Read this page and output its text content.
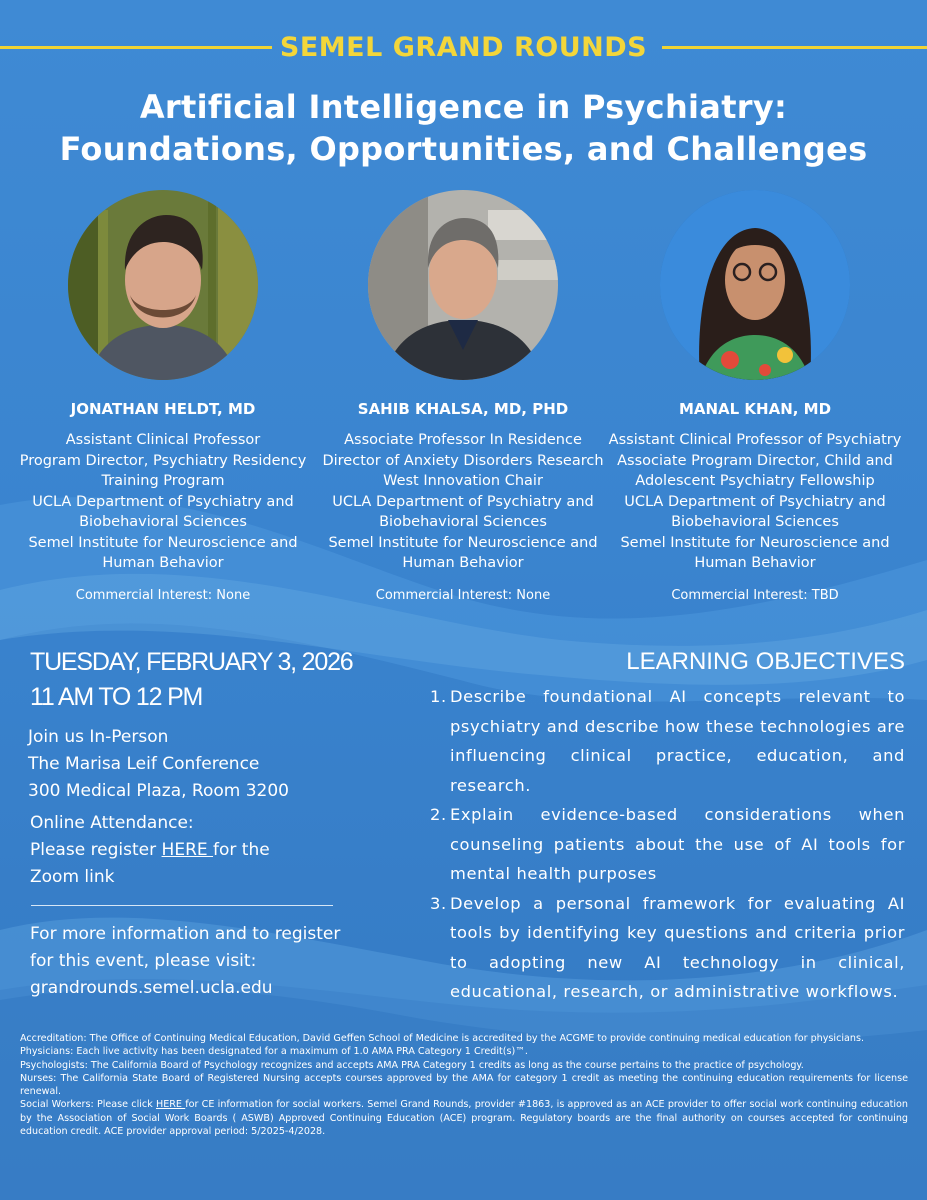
SEMEL GRAND ROUNDS
Artificial Intelligence in Psychiatry:
Foundations, Opportunities, and Challenges
JONATHAN HELDT, MD
Assistant Clinical Professor
Program Director, Psychiatry Residency
Training Program
UCLA Department of Psychiatry and
Biobehavioral Sciences
Semel Institute for Neuroscience and
Human Behavior
Commercial Interest: None
SAHIB KHALSA, MD, PHD
Associate Professor In Residence
Director of Anxiety Disorders Research
West Innovation Chair
UCLA Department of Psychiatry and
Biobehavioral Sciences
Semel Institute for Neuroscience and
Human Behavior
Commercial Interest: None
MANAL KHAN, MD
Assistant Clinical Professor of Psychiatry
Associate Program Director, Child and
Adolescent Psychiatry Fellowship
UCLA Department of Psychiatry and
Biobehavioral Sciences
Semel Institute for Neuroscience and
Human Behavior
Commercial Interest: TBD
TUESDAY, FEBRUARY 3, 2026
11 AM TO 12 PM
Join us In-Person
The Marisa Leif Conference
300 Medical Plaza, Room 3200
Online Attendance:
Please register HERE for the
Zoom link
For more information and to register
for this event, please visit:
grandrounds.semel.ucla.edu
LEARNING OBJECTIVES
1. Describe foundational AI concepts relevant to psychiatry and describe how these technologies are influencing clinical practice, education, and research.
2. Explain evidence-based considerations when counseling patients about the use of AI tools for mental health purposes
3. Develop a personal framework for evaluating AI tools by identifying key questions and criteria prior to adopting new AI technology in clinical, educational, research, or administrative workflows.

Accreditation: The Office of Continuing Medical Education, David Geffen School of Medicine is accredited by the ACGME to provide continuing medical education for physicians.

Physicians: Each live activity has been designated for a maximum of 1.0 AMA PRA Category 1 Credit(s)™.

Psychologists: The California Board of Psychology recognizes and accepts AMA PRA Category 1 credits as long as the course pertains to the practice of psychology.

Nurses: The California State Board of Registered Nursing accepts courses approved by the AMA for category 1 credit as meeting the continuing education requirements for license renewal.

Social Workers: Please click HERE for CE information for social workers. Semel Grand Rounds, provider #1863, is approved as an ACE provider to offer social work continuing education by the Association of Social Work Boards ( ASWB) Approved Continuing Education (ACE) program. Regulatory boards are the final authority on courses accepted for continuing education credit. ACE provider approval period: 5/2025-4/2028.
